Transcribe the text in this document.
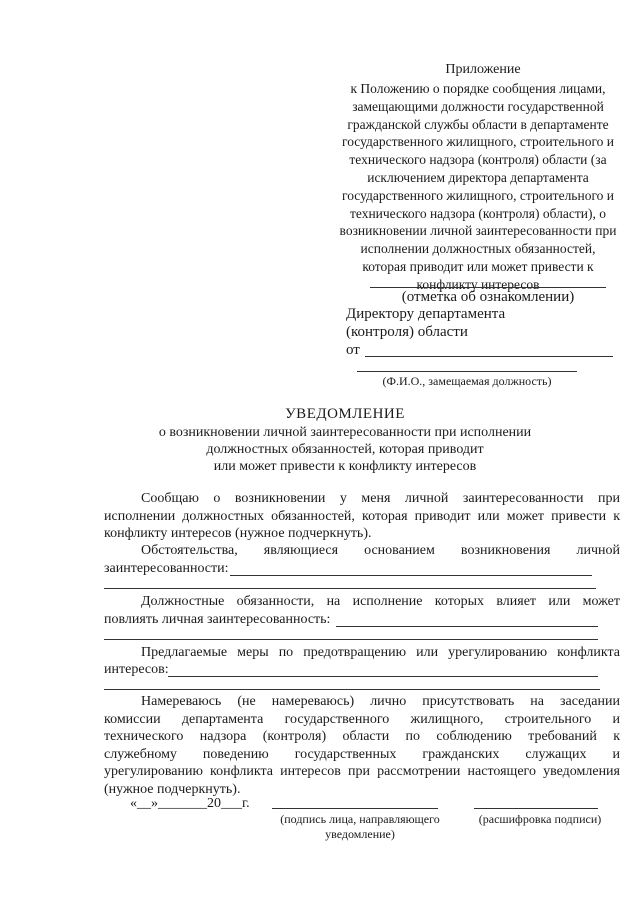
Приложение
к Положению о порядке сообщения лицами,
замещающими должности государственной
гражданской службы области в департаменте
государственного жилищного, строительного и
технического надзора (контроля) области (за
исключением директора департамента
государственного жилищного, строительного и
технического надзора (контроля) области), о
возникновении личной заинтересованности при
исполнении должностных обязанностей,
которая приводит или может привести к
конфликту интересов
(отметка об ознакомлении)
Директору департамента
(контроля) области
от
(Ф.И.О., замещаемая должность)
УВЕДОМЛЕНИЕ
о возникновении личной заинтересованности при исполнении
должностных обязанностей, которая приводит
или может привести к конфликту интересов
Сообщаю о возникновении у меня личной заинтересованности при
исполнении должностных обязанностей, которая приводит или может привести к
конфликту интересов (нужное подчеркнуть).
Обстоятельства, являющиеся основанием возникновения личной
заинтересованности:
Должностные обязанности, на исполнение которых влияет или может
повлиять личная заинтересованность:
Предлагаемые меры по предотвращению или урегулированию конфликта
интересов:
Намереваюсь (не намереваюсь) лично присутствовать на заседании
комиссии департамента государственного жилищного, строительного и
технического надзора (контроля) области по соблюдению требований к
служебному поведению государственных гражданских служащих и
урегулированию конфликта интересов при рассмотрении настоящего уведомления
(нужное подчеркнуть).
«__»_______20___г.
(подпись лица, направляющего
уведомление)
(расшифровка подписи)
